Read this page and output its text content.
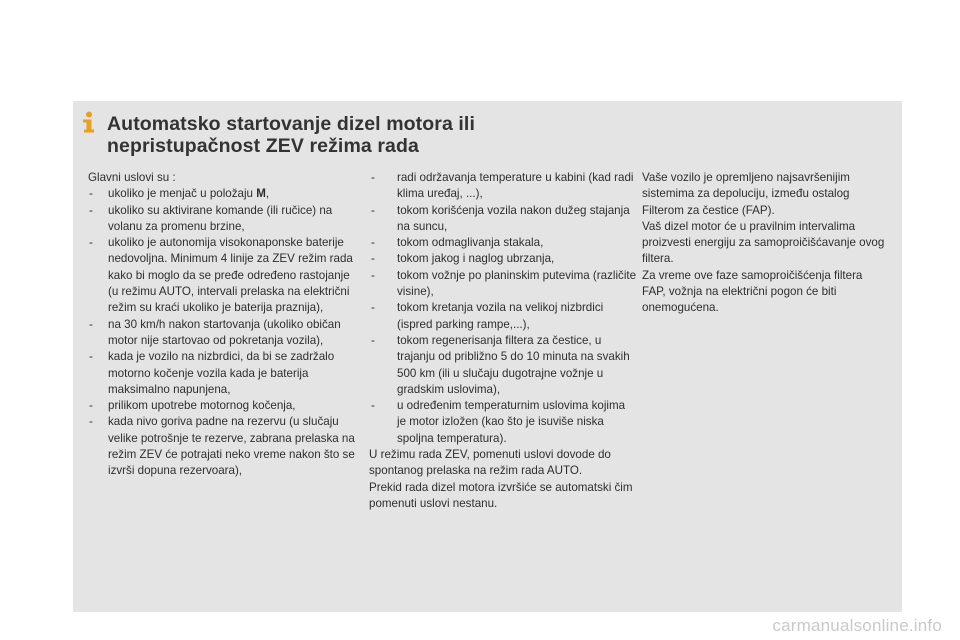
Automatsko startovanje dizel motora ili
nepristupačnost ZEV režima rada

Glavni uslovi su :

- ukoliko je menjač u položaju M,
- ukoliko su aktivirane komande (ili ručice) na volanu za promenu brzine,
- ukoliko je autonomija visokonaponske baterije nedovoljna. Minimum 4 linije za ZEV režim rada kako bi moglo da se pređe određeno rastojanje (u režimu AUTO, intervali prelaska na električni režim su kraći ukoliko je baterija praznija),
- na 30 km/h nakon startovanja (ukoliko običan motor nije startovao od pokretanja vozila),
- kada je vozilo na nizbrdici, da bi se zadržalo motorno kočenje vozila kada je baterija maksimalno napunjena,
- prilikom upotrebe motornog kočenja,
- kada nivo goriva padne na rezervu (u slučaju velike potrošnje te rezerve, zabrana prelaska na režim ZEV će potrajati neko vreme nakon što se izvrši dopuna rezervoara),
- radi održavanja temperature u kabini (kad radi klima uređaj, ...),
- tokom korišćenja vozila nakon dužeg stajanja na suncu,
- tokom odmaglivanja stakala,
- tokom jakog i naglog ubrzanja,
- tokom vožnje po planinskim putevima (različite visine),
- tokom kretanja vozila na velikoj nizbrdici (ispred parking rampe,...),
- tokom regenerisanja filtera za čestice, u trajanju od približno 5 do 10 minuta na svakih 500 km (ili u slučaju dugotrajne vožnje u gradskim uslovima),
- u određenim temperaturnim uslovima kojima je motor izložen (kao što je isuviše niska spoljna temperatura).

U režimu rada ZEV, pomenuti uslovi dovode do spontanog prelaska na režim rada AUTO.

Prekid rada dizel motora izvršiće se automatski čim pomenuti uslovi nestanu.

Vaše vozilo je opremljeno najsavršenijim sistemima za depoluciju, između ostalog Filterom za čestice (FAP).

Vaš dizel motor će u pravilnim intervalima proizvesti energiju za samoproičišćavanje ovog filtera.

Za vreme ove faze samoproičišćenja filtera FAP, vožnja na električni pogon će biti onemogućena.

carmanualsonline.info
